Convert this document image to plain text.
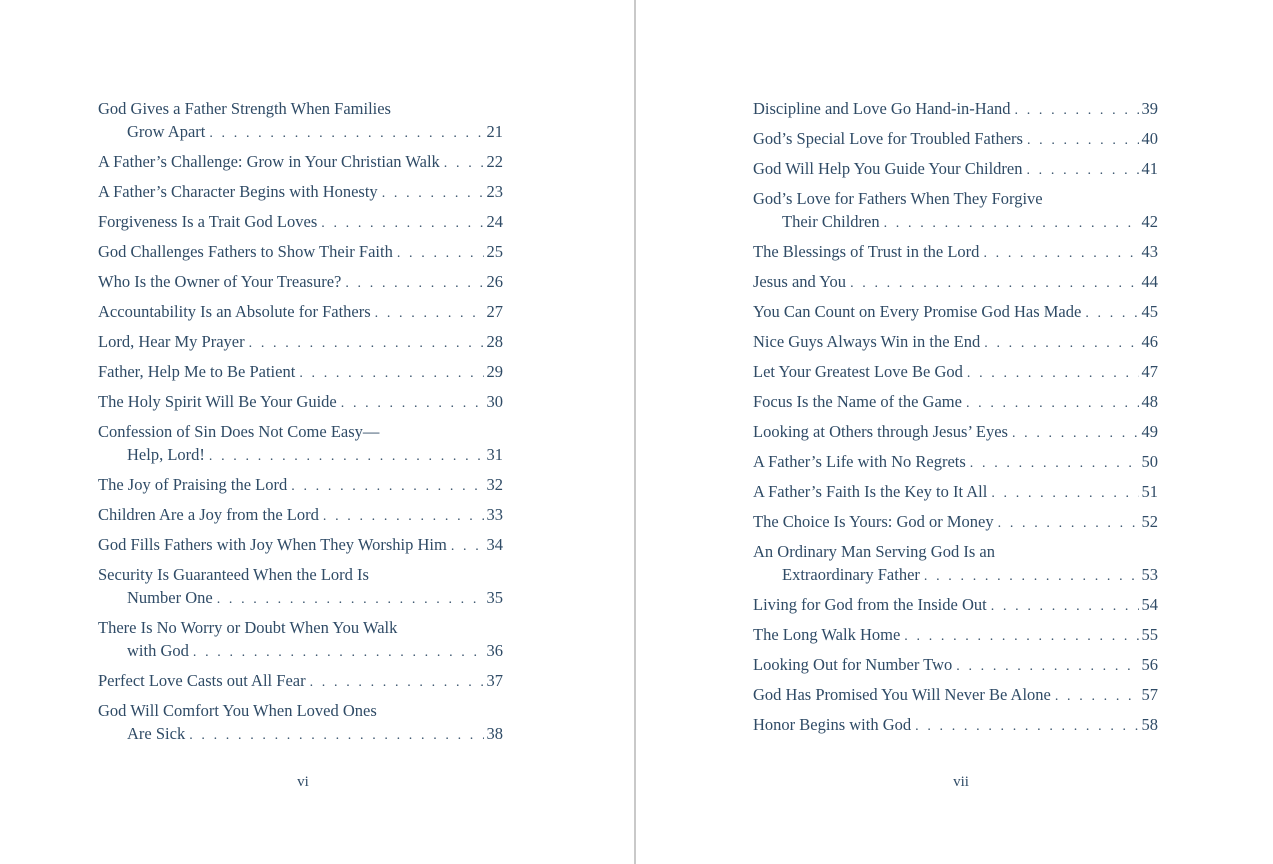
God Gives a Father Strength When Families
Grow Apart . . .	21
A Father’s Challenge: Grow in Your Christian Walk . . .	22
A Father’s Character Begins with Honesty . . .	23
Forgiveness Is a Trait God Loves . . .	24
God Challenges Fathers to Show Their Faith . . .	25
Who Is the Owner of Your Treasure? . . .	26
Accountability Is an Absolute for Fathers . . .	27
Lord, Hear My Prayer . . .	28
Father, Help Me to Be Patient . . .	29
The Holy Spirit Will Be Your Guide . . .	30
Confession of Sin Does Not Come Easy—
Help, Lord! . . .	31
The Joy of Praising the Lord . . .	32
Children Are a Joy from the Lord . . .	33
God Fills Fathers with Joy When They Worship Him . . . 34
Security Is Guaranteed When the Lord Is
Number One . . .	35
There Is No Worry or Doubt When You Walk
with God . . .	36
Perfect Love Casts out All Fear . . .	37
God Will Comfort You When Loved Ones
Are Sick . . .	38
vi
Discipline and Love Go Hand-in-Hand . . .	39
God’s Special Love for Troubled Fathers . . .	40
God Will Help You Guide Your Children . . .	41
God’s Love for Fathers When They Forgive
Their Children . . .	42
The Blessings of Trust in the Lord . . .	43
Jesus and You . . .	44
You Can Count on Every Promise God Has Made . . .	45
Nice Guys Always Win in the End . . .	46
Let Your Greatest Love Be God . . .	47
Focus Is the Name of the Game . . .	48
Looking at Others through Jesus’ Eyes . . .	49
A Father’s Life with No Regrets . . .	50
A Father’s Faith Is the Key to It All . . .	51
The Choice Is Yours: God or Money . . .	52
An Ordinary Man Serving God Is an
Extraordinary Father . . .	53
Living for God from the Inside Out . . .	54
The Long Walk Home . . .	55
Looking Out for Number Two . . .	56
God Has Promised You Will Never Be Alone . . .	57
Honor Begins with God . . .	58
vii
